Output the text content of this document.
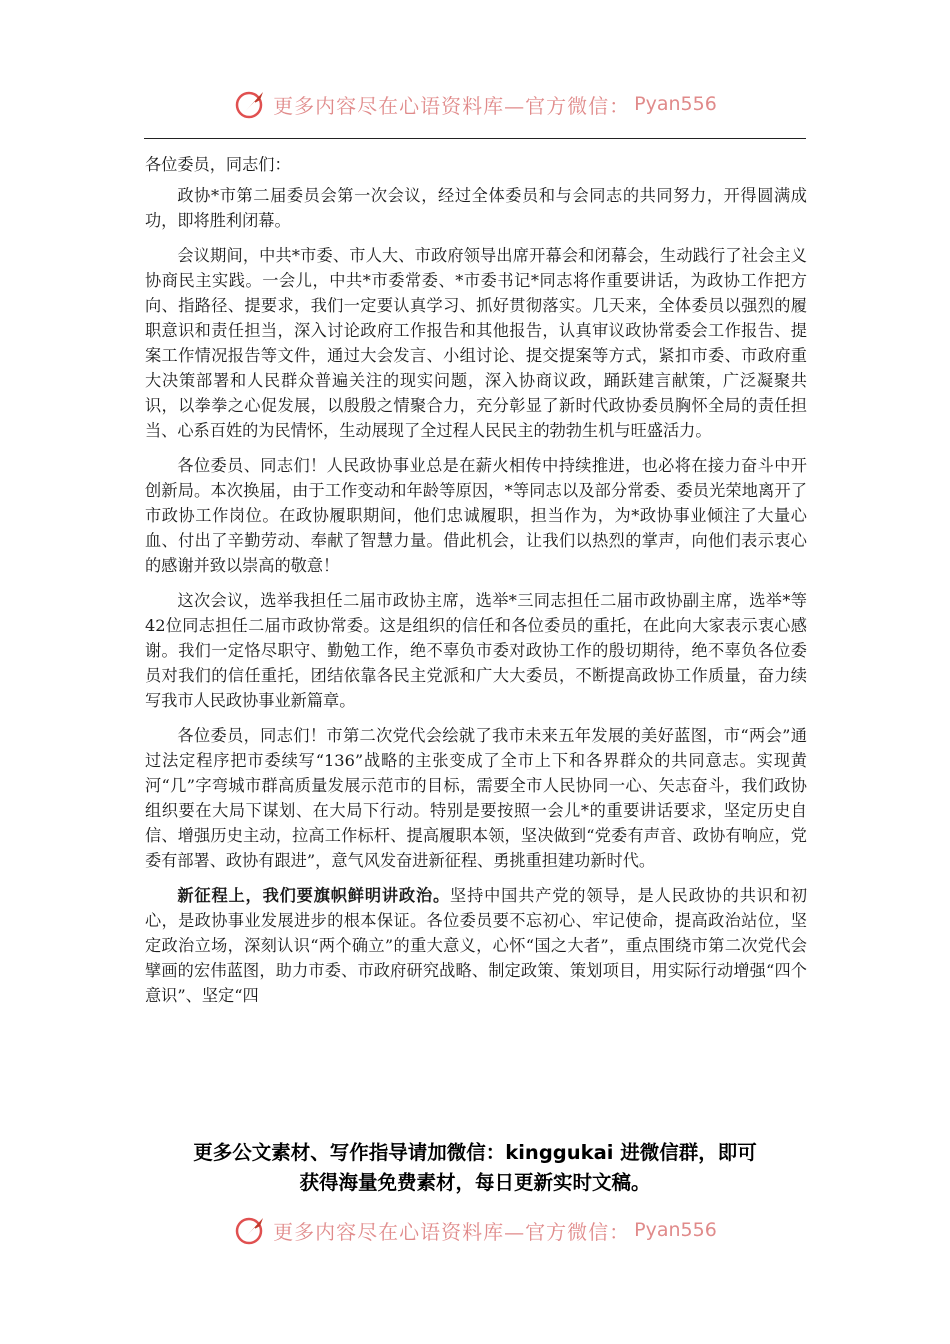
更多内容尽在心语资料库—官方微信： Pyan556

各位委员，同志们：

政协*市第二届委员会第一次会议，经过全体委员和与会同志的共同努力，开得圆满成功，即将胜利闭幕。

会议期间，中共*市委、市人大、市政府领导出席开幕会和闭幕会，生动践行了社会主义协商民主实践。一会儿，中共*市委常委、*市委书记*同志将作重要讲话，为政协工作把方向、指路径、提要求，我们一定要认真学习、抓好贯彻落实。几天来，全体委员以强烈的履职意识和责任担当，深入讨论政府工作报告和其他报告，认真审议政协常委会工作报告、提案工作情况报告等文件，通过大会发言、小组讨论、提交提案等方式，紧扣市委、市政府重大决策部署和人民群众普遍关注的现实问题，深入协商议政，踊跃建言献策，广泛凝聚共识，以拳拳之心促发展，以殷殷之情聚合力，充分彰显了新时代政协委员胸怀全局的责任担当、心系百姓的为民情怀，生动展现了全过程人民民主的勃勃生机与旺盛活力。

各位委员、同志们！人民政协事业总是在薪火相传中持续推进，也必将在接力奋斗中开创新局。本次换届，由于工作变动和年龄等原因，*等同志以及部分常委、委员光荣地离开了市政协工作岗位。在政协履职期间，他们忠诚履职，担当作为，为*政协事业倾注了大量心血、付出了辛勤劳动、奉献了智慧力量。借此机会，让我们以热烈的掌声，向他们表示衷心的感谢并致以崇高的敬意！

这次会议，选举我担任二届市政协主席，选举*三同志担任二届市政协副主席，选举*等42位同志担任二届市政协常委。这是组织的信任和各位委员的重托，在此向大家表示衷心感谢。我们一定恪尽职守、勤勉工作，绝不辜负市委对政协工作的殷切期待，绝不辜负各位委员对我们的信任重托，团结依靠各民主党派和广大大委员，不断提高政协工作质量，奋力续写我市人民政协事业新篇章。

各位委员，同志们！市第二次党代会绘就了我市未来五年发展的美好蓝图，市“两会”通过法定程序把市委续写“136”战略的主张变成了全市上下和各界群众的共同意志。实现黄河“几”字弯城市群高质量发展示范市的目标，需要全市人民协同一心、矢志奋斗，我们政协组织要在大局下谋划、在大局下行动。特别是要按照一会儿*的重要讲话要求，坚定历史自信、增强历史主动，拉高工作标杆、提高履职本领，坚决做到“党委有声音、政协有响应，党委有部署、政协有跟进”，意气风发奋进新征程、勇挑重担建功新时代。

新征程上，我们要旗帜鲜明讲政治。坚持中国共产党的领导，是人民政协的共识和初心，是政协事业发展进步的根本保证。各位委员要不忘初心、牢记使命，提高政治站位，坚定政治立场，深刻认识“两个确立”的重大意义，心怀“国之大者”，重点围绕市第二次党代会擘画的宏伟蓝图，助力市委、市政府研究战略、制定政策、策划项目，用实际行动增强“四个意识”、坚定“四

更多公文素材、写作指导请加微信：kinggukai 进微信群，即可
获得海量免费素材，每日更新实时文稿。
更多内容尽在心语资料库—官方微信： Pyan556
